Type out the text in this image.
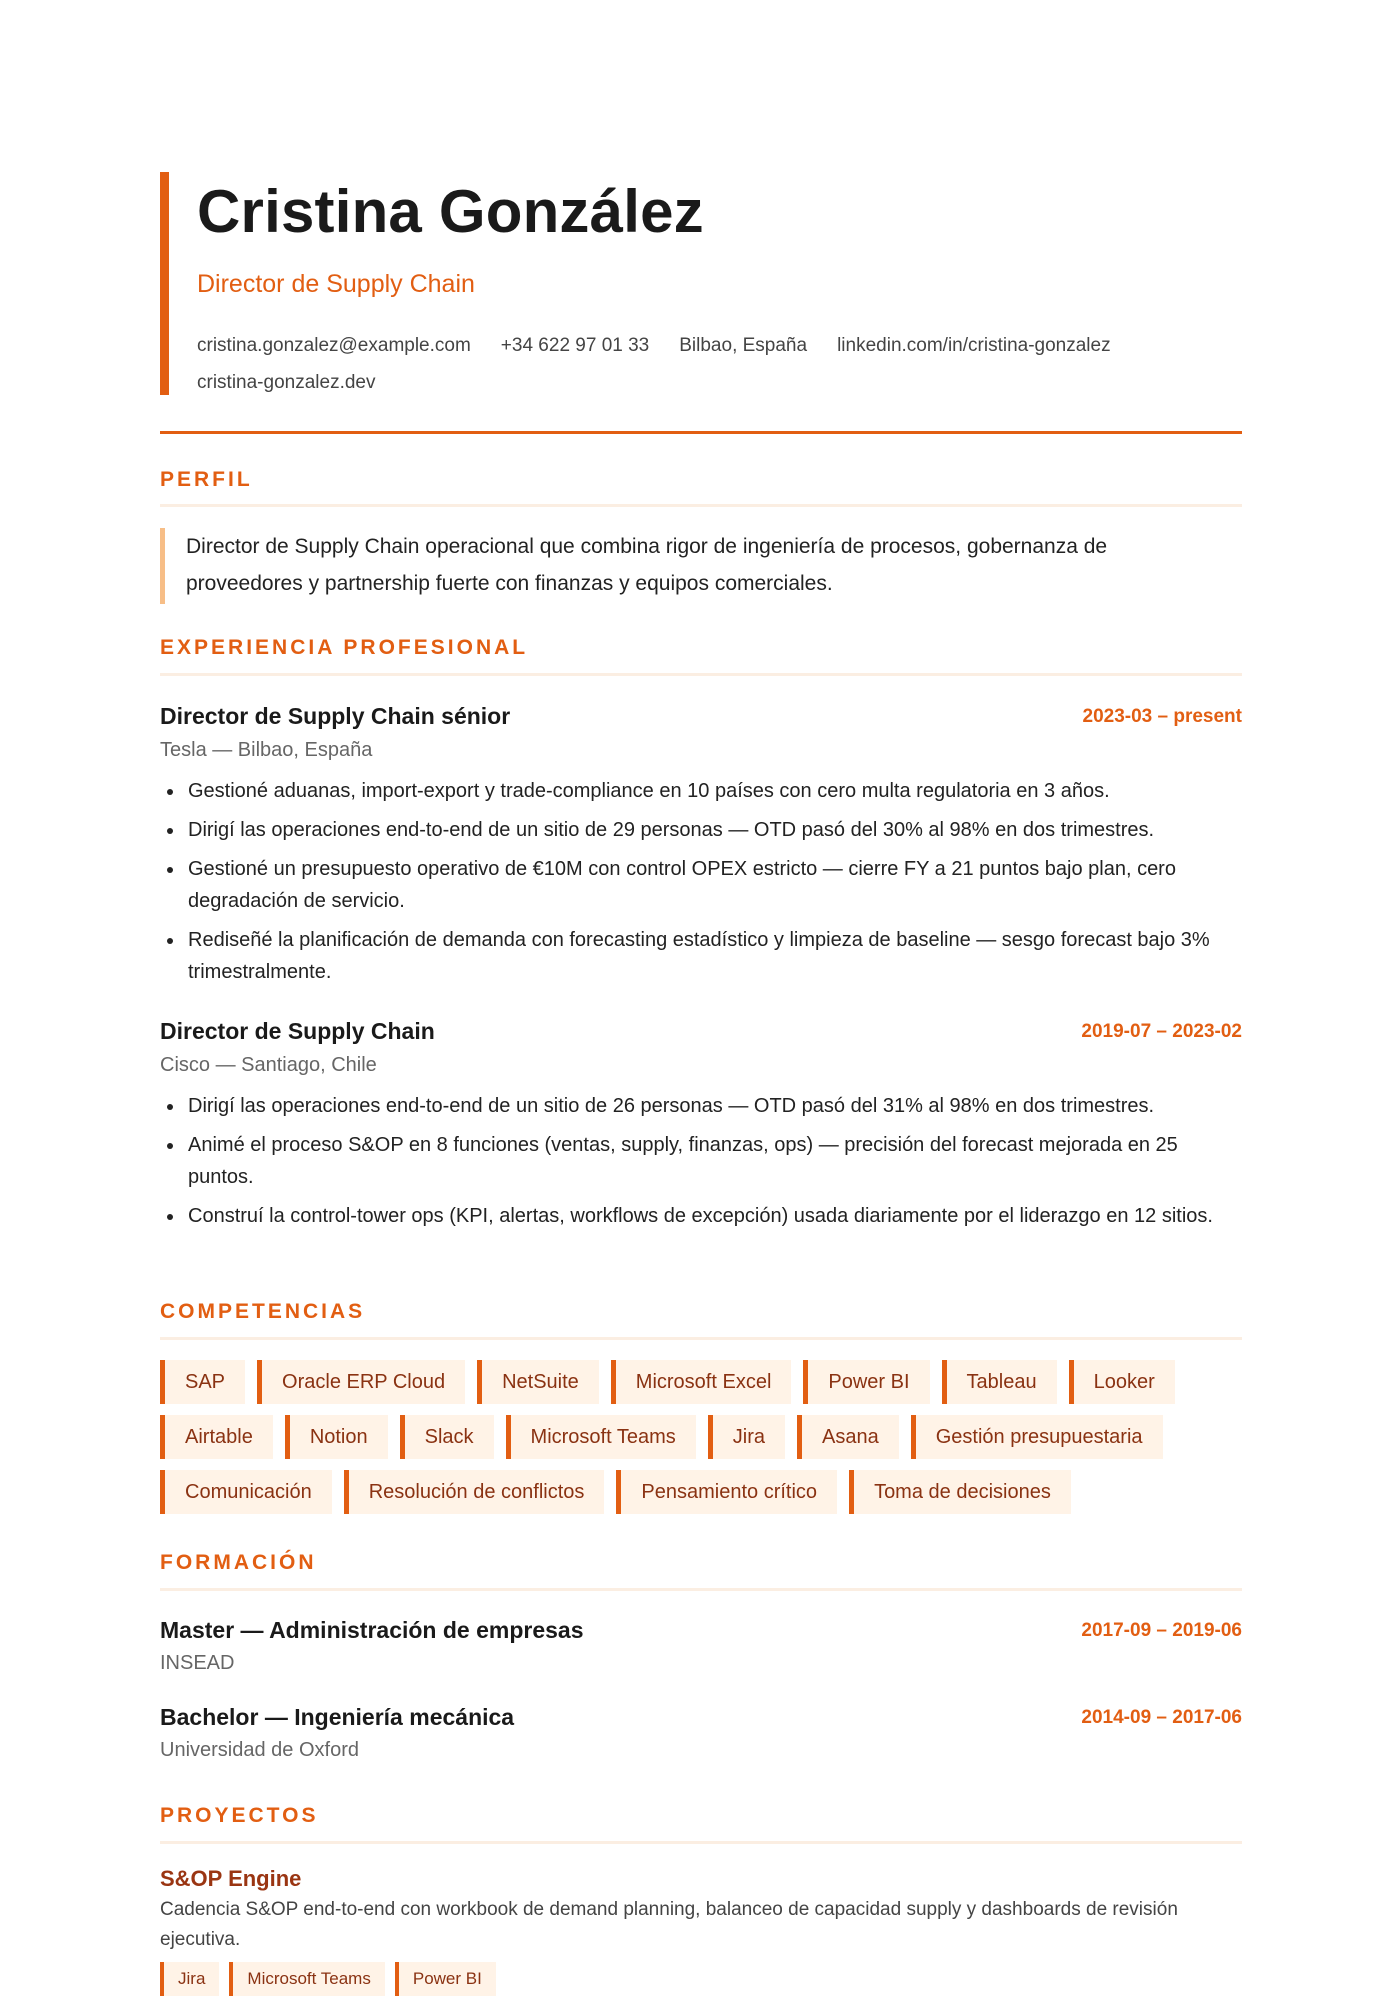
Cristina González
Director de Supply Chain
cristina.gonzalez@example.com +34 622 97 01 33 Bilbao, España linkedin.com/in/cristina-gonzalez
cristina-gonzalez.dev
PERFIL
Director de Supply Chain operacional que combina rigor de ingeniería de procesos, gobernanza de proveedores y partnership fuerte con finanzas y equipos comerciales.
EXPERIENCIA PROFESIONAL
Director de Supply Chain sénior	2023-03 – present
Tesla — Bilbao, España
Gestioné aduanas, import-export y trade-compliance en 10 países con cero multa regulatoria en 3 años.
Dirigí las operaciones end-to-end de un sitio de 29 personas — OTD pasó del 30% al 98% en dos trimestres.
Gestioné un presupuesto operativo de €10M con control OPEX estricto — cierre FY a 21 puntos bajo plan, cero degradación de servicio.
Rediseñé la planificación de demanda con forecasting estadístico y limpieza de baseline — sesgo forecast bajo 3% trimestralmente.
Director de Supply Chain	2019-07 – 2023-02
Cisco — Santiago, Chile
Dirigí las operaciones end-to-end de un sitio de 26 personas — OTD pasó del 31% al 98% en dos trimestres.
Animé el proceso S&OP en 8 funciones (ventas, supply, finanzas, ops) — precisión del forecast mejorada en 25 puntos.
Construí la control-tower ops (KPI, alertas, workflows de excepción) usada diariamente por el liderazgo en 12 sitios.
COMPETENCIAS
SAP	Oracle ERP Cloud	NetSuite	Microsoft Excel	Power BI	Tableau	Looker
Airtable	Notion	Slack	Microsoft Teams	Jira	Asana	Gestión presupuestaria
Comunicación	Resolución de conflictos	Pensamiento crítico	Toma de decisiones
FORMACIÓN
Master — Administración de empresas	2017-09 – 2019-06
INSEAD
Bachelor — Ingeniería mecánica	2014-09 – 2017-06
Universidad de Oxford
PROYECTOS
S&OP Engine
Cadencia S&OP end-to-end con workbook de demand planning, balanceo de capacidad supply y dashboards de revisión ejecutiva.
Jira	Microsoft Teams	Power BI
